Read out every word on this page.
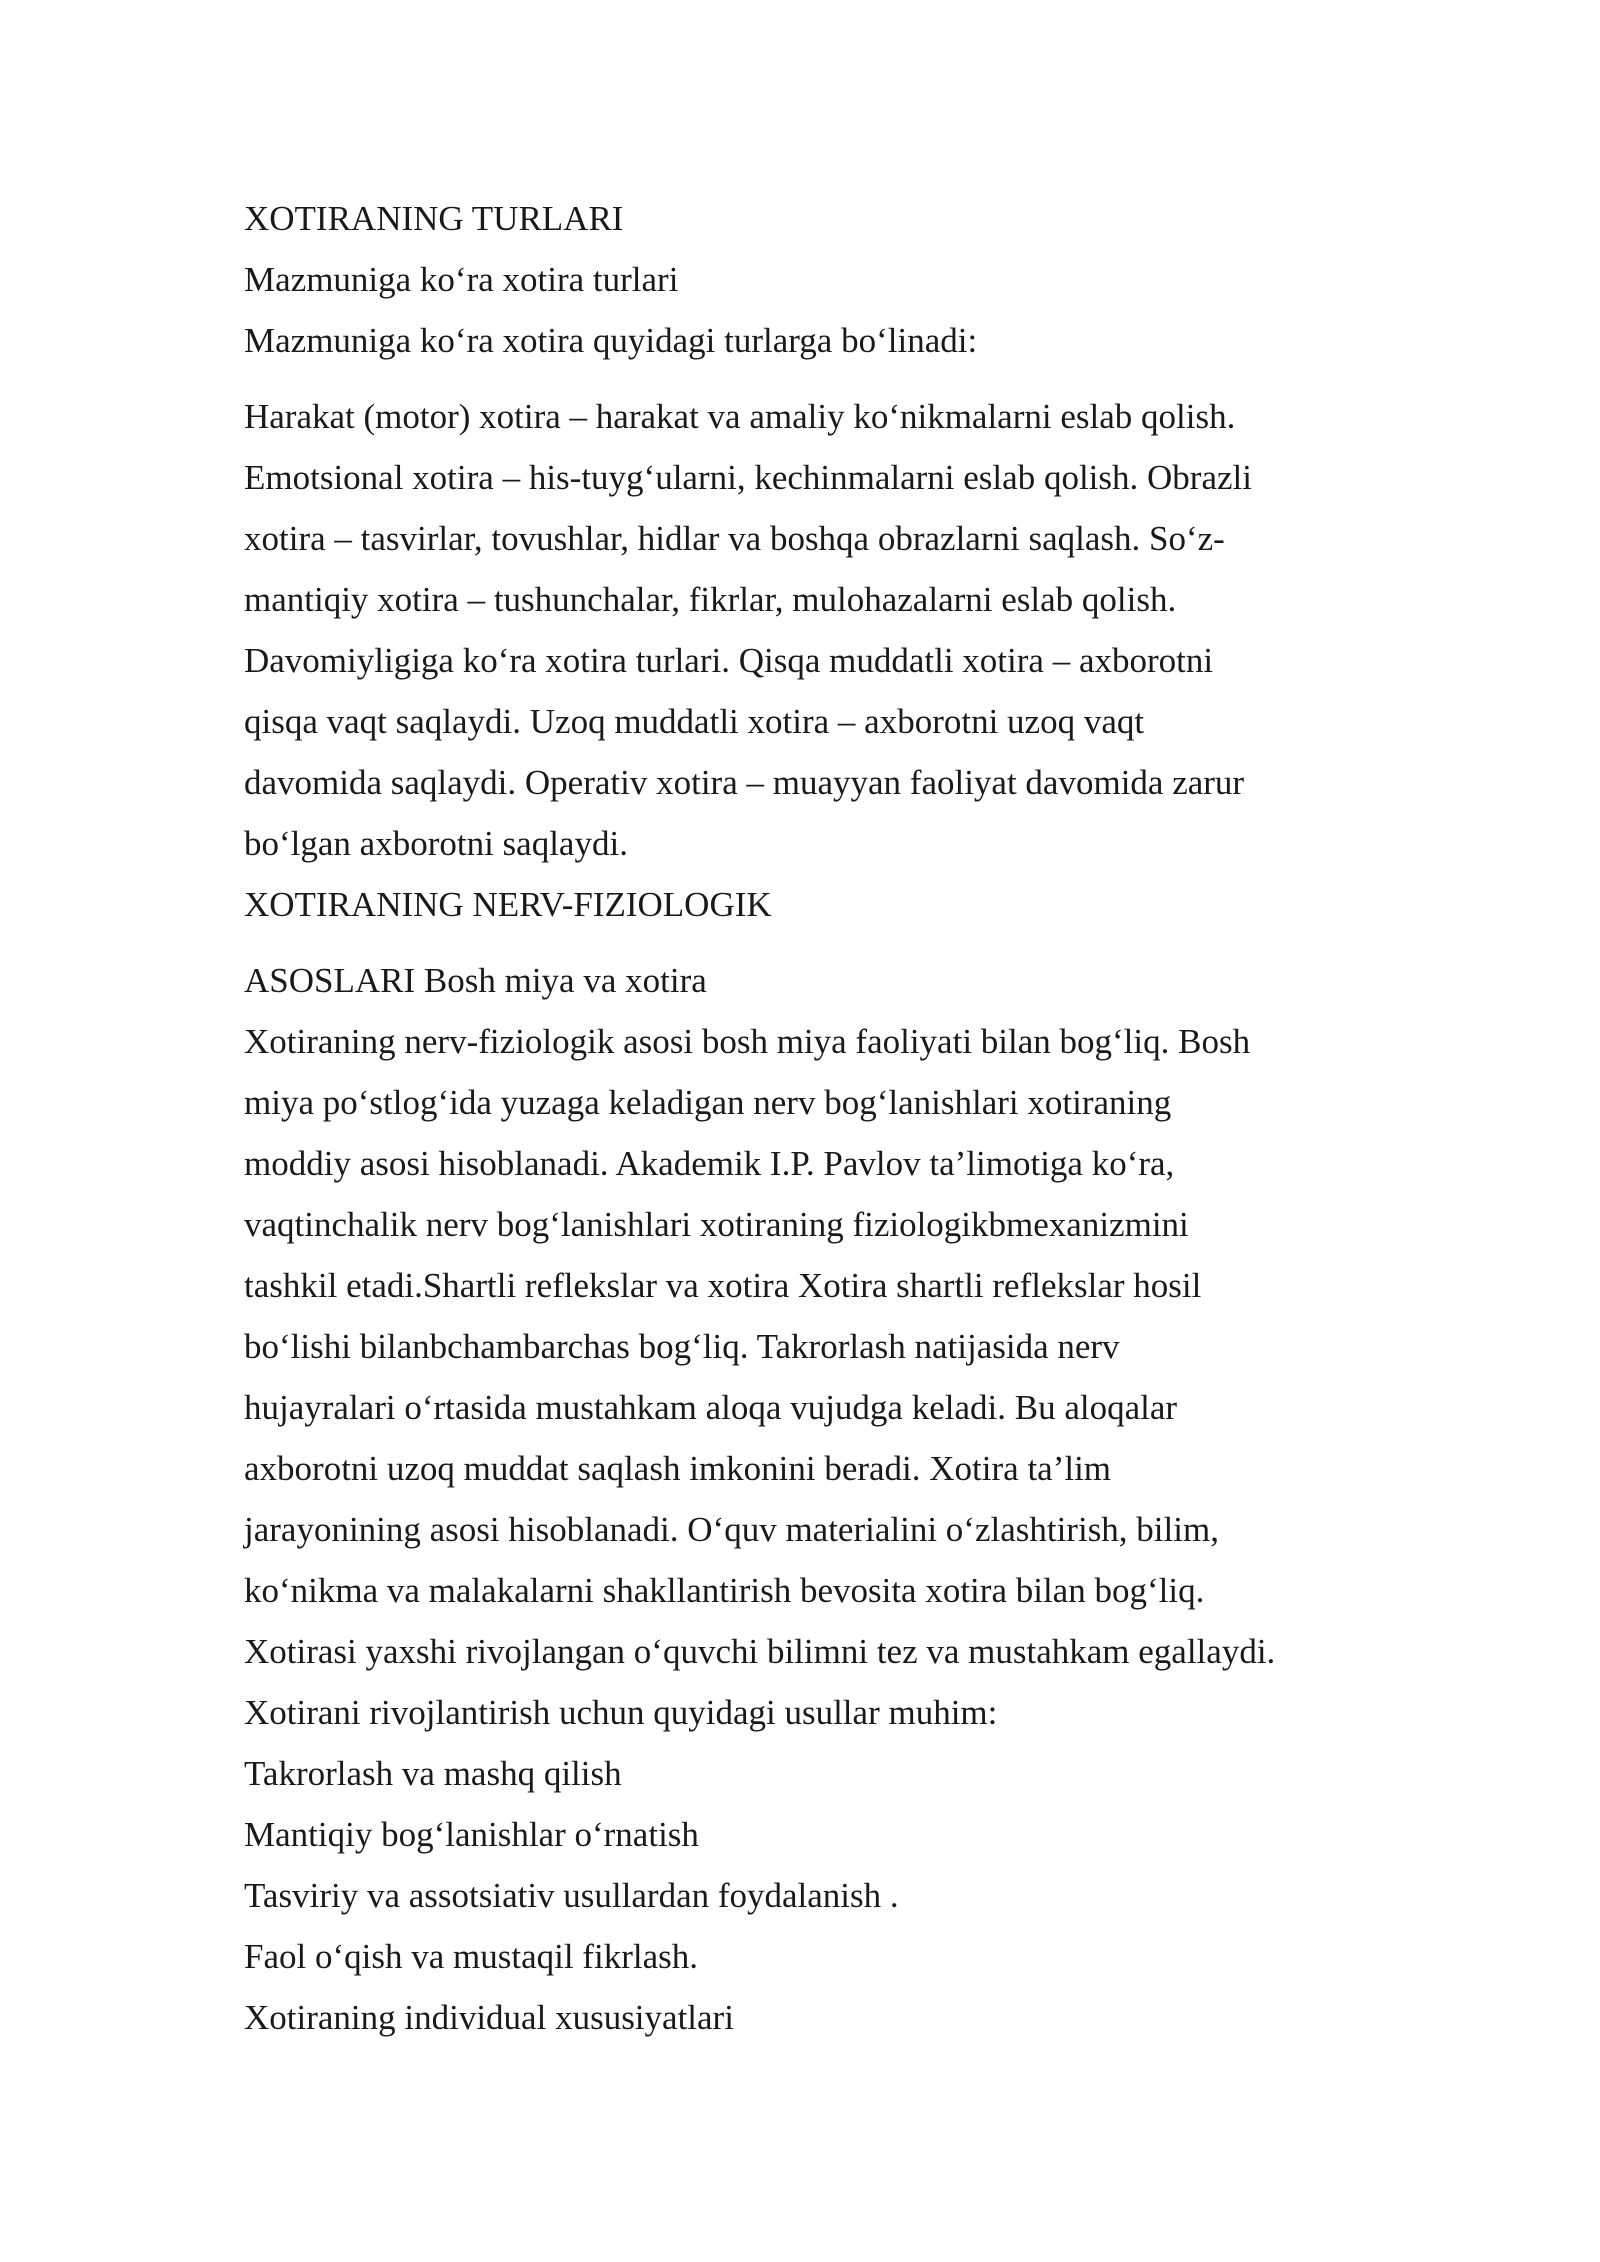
XOTIRANING TURLARI
Mazmuniga ko‘ra xotira turlari
Mazmuniga ko‘ra xotira quyidagi turlarga bo‘linadi:
Harakat (motor) xotira – harakat va amaliy ko‘nikmalarni eslab qolish.
Emotsional xotira – his-tuyg‘ularni, kechinmalarni eslab qolish. Obrazli
xotira – tasvirlar, tovushlar, hidlar va boshqa obrazlarni saqlash. So‘z-
mantiqiy xotira – tushunchalar, fikrlar, mulohazalarni eslab qolish.
Davomiyligiga ko‘ra xotira turlari. Qisqa muddatli xotira – axborotni
qisqa vaqt saqlaydi. Uzoq muddatli xotira – axborotni uzoq vaqt
davomida saqlaydi. Operativ xotira – muayyan faoliyat davomida zarur
bo‘lgan axborotni saqlaydi.
XOTIRANING NERV-FIZIOLOGIK
ASOSLARI Bosh miya va xotira
Xotiraning nerv-fiziologik asosi bosh miya faoliyati bilan bog‘liq. Bosh
miya po‘stlog‘ida yuzaga keladigan nerv bog‘lanishlari xotiraning
moddiy asosi hisoblanadi. Akademik I.P. Pavlov ta’limotiga ko‘ra,
vaqtinchalik nerv bog‘lanishlari xotiraning fiziologikbmexanizmini
tashkil etadi.Shartli reflekslar va xotira Xotira shartli reflekslar hosil
bo‘lishi bilanbchambarchas bog‘liq. Takrorlash natijasida nerv
hujayralari o‘rtasida mustahkam aloqa vujudga keladi. Bu aloqalar
axborotni uzoq muddat saqlash imkonini beradi. Xotira ta’lim
jarayonining asosi hisoblanadi. O‘quv materialini o‘zlashtirish, bilim,
ko‘nikma va malakalarni shakllantirish bevosita xotira bilan bog‘liq.
Xotirasi yaxshi rivojlangan o‘quvchi bilimni tez va mustahkam egallaydi.
Xotirani rivojlantirish uchun quyidagi usullar muhim:
Takrorlash va mashq qilish
Mantiqiy bog‘lanishlar o‘rnatish
Tasviriy va assotsiativ usullardan foydalanish .
Faol o‘qish va mustaqil fikrlash.
Xotiraning individual xususiyatlari
